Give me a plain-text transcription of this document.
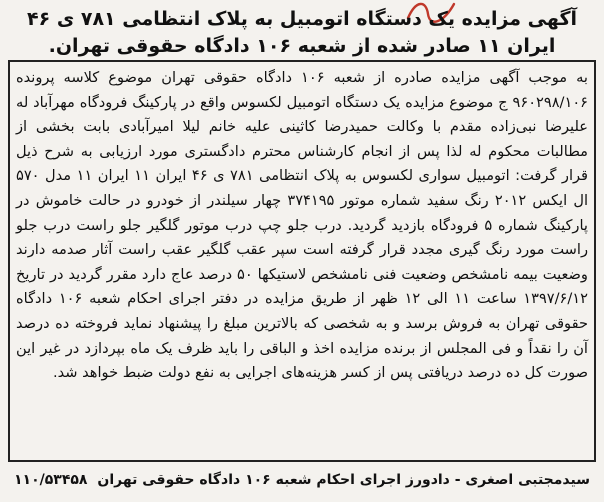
آگهی مزایده یک دستگاه اتومبیل به پلاک انتظامی ۷۸۱ ی ۴۶ ایران ۱۱ صادر شده از شعبه ۱۰۶ دادگاه حقوقی تهران.
به موجب آگهی مزایده صادره از شعبه ۱۰۶ دادگاه حقوقی تهران موضوع کلاسه پرونده ۹۶۰۲۹۸/۱۰۶ ج موضوع مزایده یک دستگاه اتومبیل لکسوس واقع در پارکینگ فرودگاه مهرآباد له علیرضا نبی‌زاده مقدم با وکالت حمیدرضا کاثینی علیه خانم لیلا امیرآبادی بابت بخشی از مطالبات محکوم له لذا پس از انجام کارشناس محترم دادگستری مورد ارزیابی به شرح ذیل قرار گرفت: اتومبیل سواری لکسوس به پلاک انتظامی ۷۸۱ ی ۴۶ ایران ۱۱ ایران ۱۱ مدل ۵۷۰ ال ایکس ۲۰۱۲ رنگ سفید شماره موتور ۳۷۴۱۹۵ چهار سیلندر از خودرو در حالت خاموش در پارکینگ شماره ۵ فرودگاه بازدید گردید. درب جلو چپ درب موتور گلگیر جلو راست درب جلو راست مورد رنگ گیری مجدد قرار گرفته است سپر عقب گلگیر عقب راست آثار صدمه دارند وضعیت بیمه نامشخص وضعیت فنی نامشخص لاستیکها ۵۰ درصد عاج دارد مقرر گردید در تاریخ ۱۳۹۷/۶/۱۲ ساعت ۱۱ الی ۱۲ ظهر از طریق مزایده در دفتر اجرای احکام شعبه ۱۰۶ دادگاه حقوقی تهران به فروش برسد و به شخصی که بالاترین مبلغ را پیشنهاد نماید فروخته ده درصد آن را نقداً و فی المجلس از برنده مزایده اخذ و الباقی را باید ظرف یک ماه بپردازد در غیر این صورت کل ده درصد دریافتی پس از کسر هزینه‌های اجرایی به نفع دولت ضبط خواهد شد.
سیدمجتبی اصغری - دادورز اجرای احکام شعبه ۱۰۶ دادگاه حقوقی تهران
۱۱۰/۵۳۴۵۸
